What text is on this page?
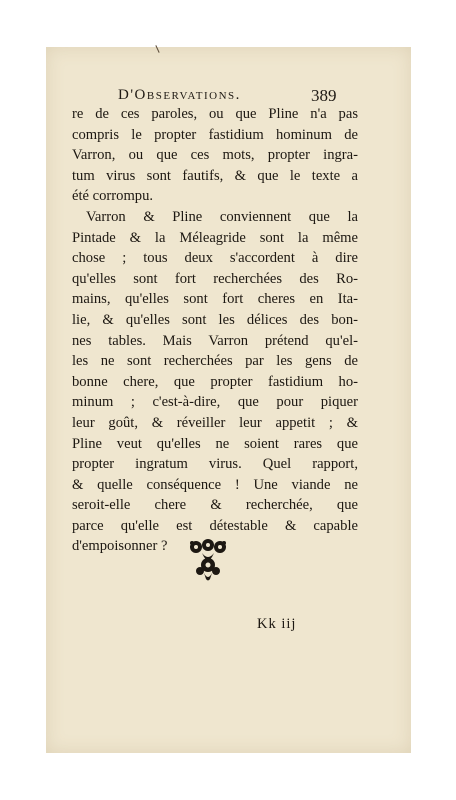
D'Observations.	389
re de ces paroles, ou que Pline n'a pas
compris le propter fastidium hominum de
Varron, ou que ces mots, propter ingra-
tum virus sont fautifs, & que le texte a
été corrompu.
Varron & Pline conviennent que la
Pintade & la Méleagride sont la même
chose ; tous deux s'accordent à dire
qu'elles sont fort recherchées des Ro-
mains, qu'elles sont fort cheres en Ita-
lie, & qu'elles sont les délices des bon-
nes tables. Mais Varron prétend qu'el-
les ne sont recherchées par les gens de
bonne chere, que propter fastidium ho-
minum ; c'est-à-dire, que pour piquer
leur goût, & réveiller leur appetit ; &
Pline veut qu'elles ne soient rares que
propter ingratum virus. Quel rapport,
& quelle conséquence ! Une viande ne
seroit-elle chere & recherchée, que
parce qu'elle est détestable & capable
d'empoisonner ?
Kk iij
